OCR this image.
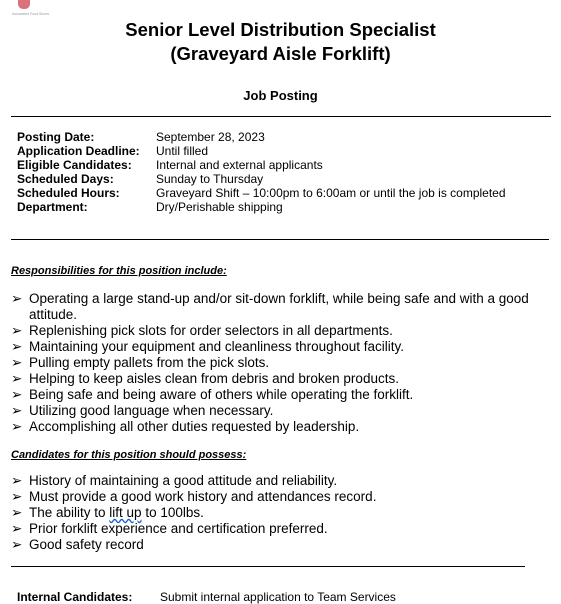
Associated Food Stores
Senior Level Distribution Specialist
(Graveyard Aisle Forklift)
Job Posting
Posting Date:	September 28, 2023
Application Deadline: Until filled
Eligible Candidates: Internal and external applicants
Scheduled Days:	Sunday to Thursday
Scheduled Hours:	Graveyard Shift – 10:00pm to 6:00am or until the job is completed
Department:	Dry/Perishable shipping
Responsibilities for this position include:
➢ Operating a large stand-up and/or sit-down forklift, while being safe and with a good attitude.
➢ Replenishing pick slots for order selectors in all departments.
➢ Maintaining your equipment and cleanliness throughout facility.
➢ Pulling empty pallets from the pick slots.
➢ Helping to keep aisles clean from debris and broken products.
➢ Being safe and being aware of others while operating the forklift.
➢ Utilizing good language when necessary.
➢ Accomplishing all other duties requested by leadership.
Candidates for this position should possess:
➢ History of maintaining a good attitude and reliability.
➢ Must provide a good work history and attendances record.
➢ The ability to lift up to 100lbs.
➢ Prior forklift experience and certification preferred.
➢ Good safety record
Internal Candidates: Submit internal application to Team Services
